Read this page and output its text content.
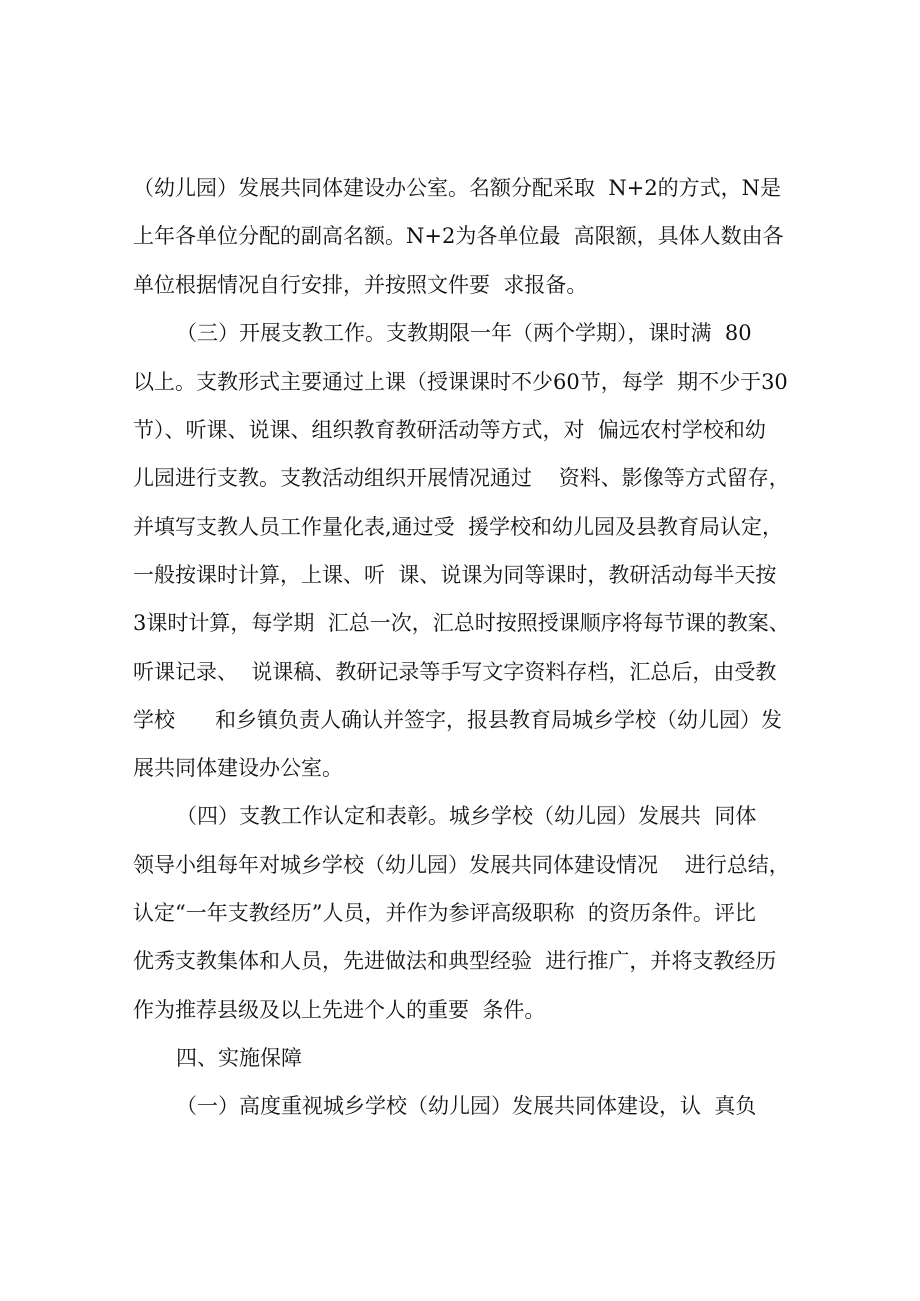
（幼儿园）发展共同体建设办公室。名额分配采取  N+2的方式，N是
上年各单位分配的副高名额。N+2为各单位最  高限额，具体人数由各
单位根据情况自行安排，并按照文件要  求报备。
（三）开展支教工作。支教期限一年（两个学期），课时满  80
以上。支教形式主要通过上课（授课课时不少60节，每学  期不少于30
节）、听课、说课、组织教育教研活动等方式，对  偏远农村学校和幼
儿园进行支教。支教活动组织开展情况通过    资料、影像等方式留存，
并填写支教人员工作量化表,通过受  援学校和幼儿园及县教育局认定，
一般按课时计算，上课、听  课、说课为同等课时，教研活动每半天按
3课时计算，每学期  汇总一次，汇总时按照授课顺序将每节课的教案、
听课记录、  说课稿、教研记录等手写文字资料存档，汇总后，由受教
学校      和乡镇负责人确认并签字，报县教育局城乡学校（幼儿园）发
展共同体建设办公室。
（四）支教工作认定和表彰。城乡学校（幼儿园）发展共  同体
领导小组每年对城乡学校（幼儿园）发展共同体建设情况    进行总结，
认定“一年支教经历”人员，并作为参评高级职称  的资历条件。评比
优秀支教集体和人员，先进做法和典型经验  进行推广，并将支教经历
作为推荐县级及以上先进个人的重要  条件。
四、实施保障
（一）高度重视城乡学校（幼儿园）发展共同体建设，认  真负
